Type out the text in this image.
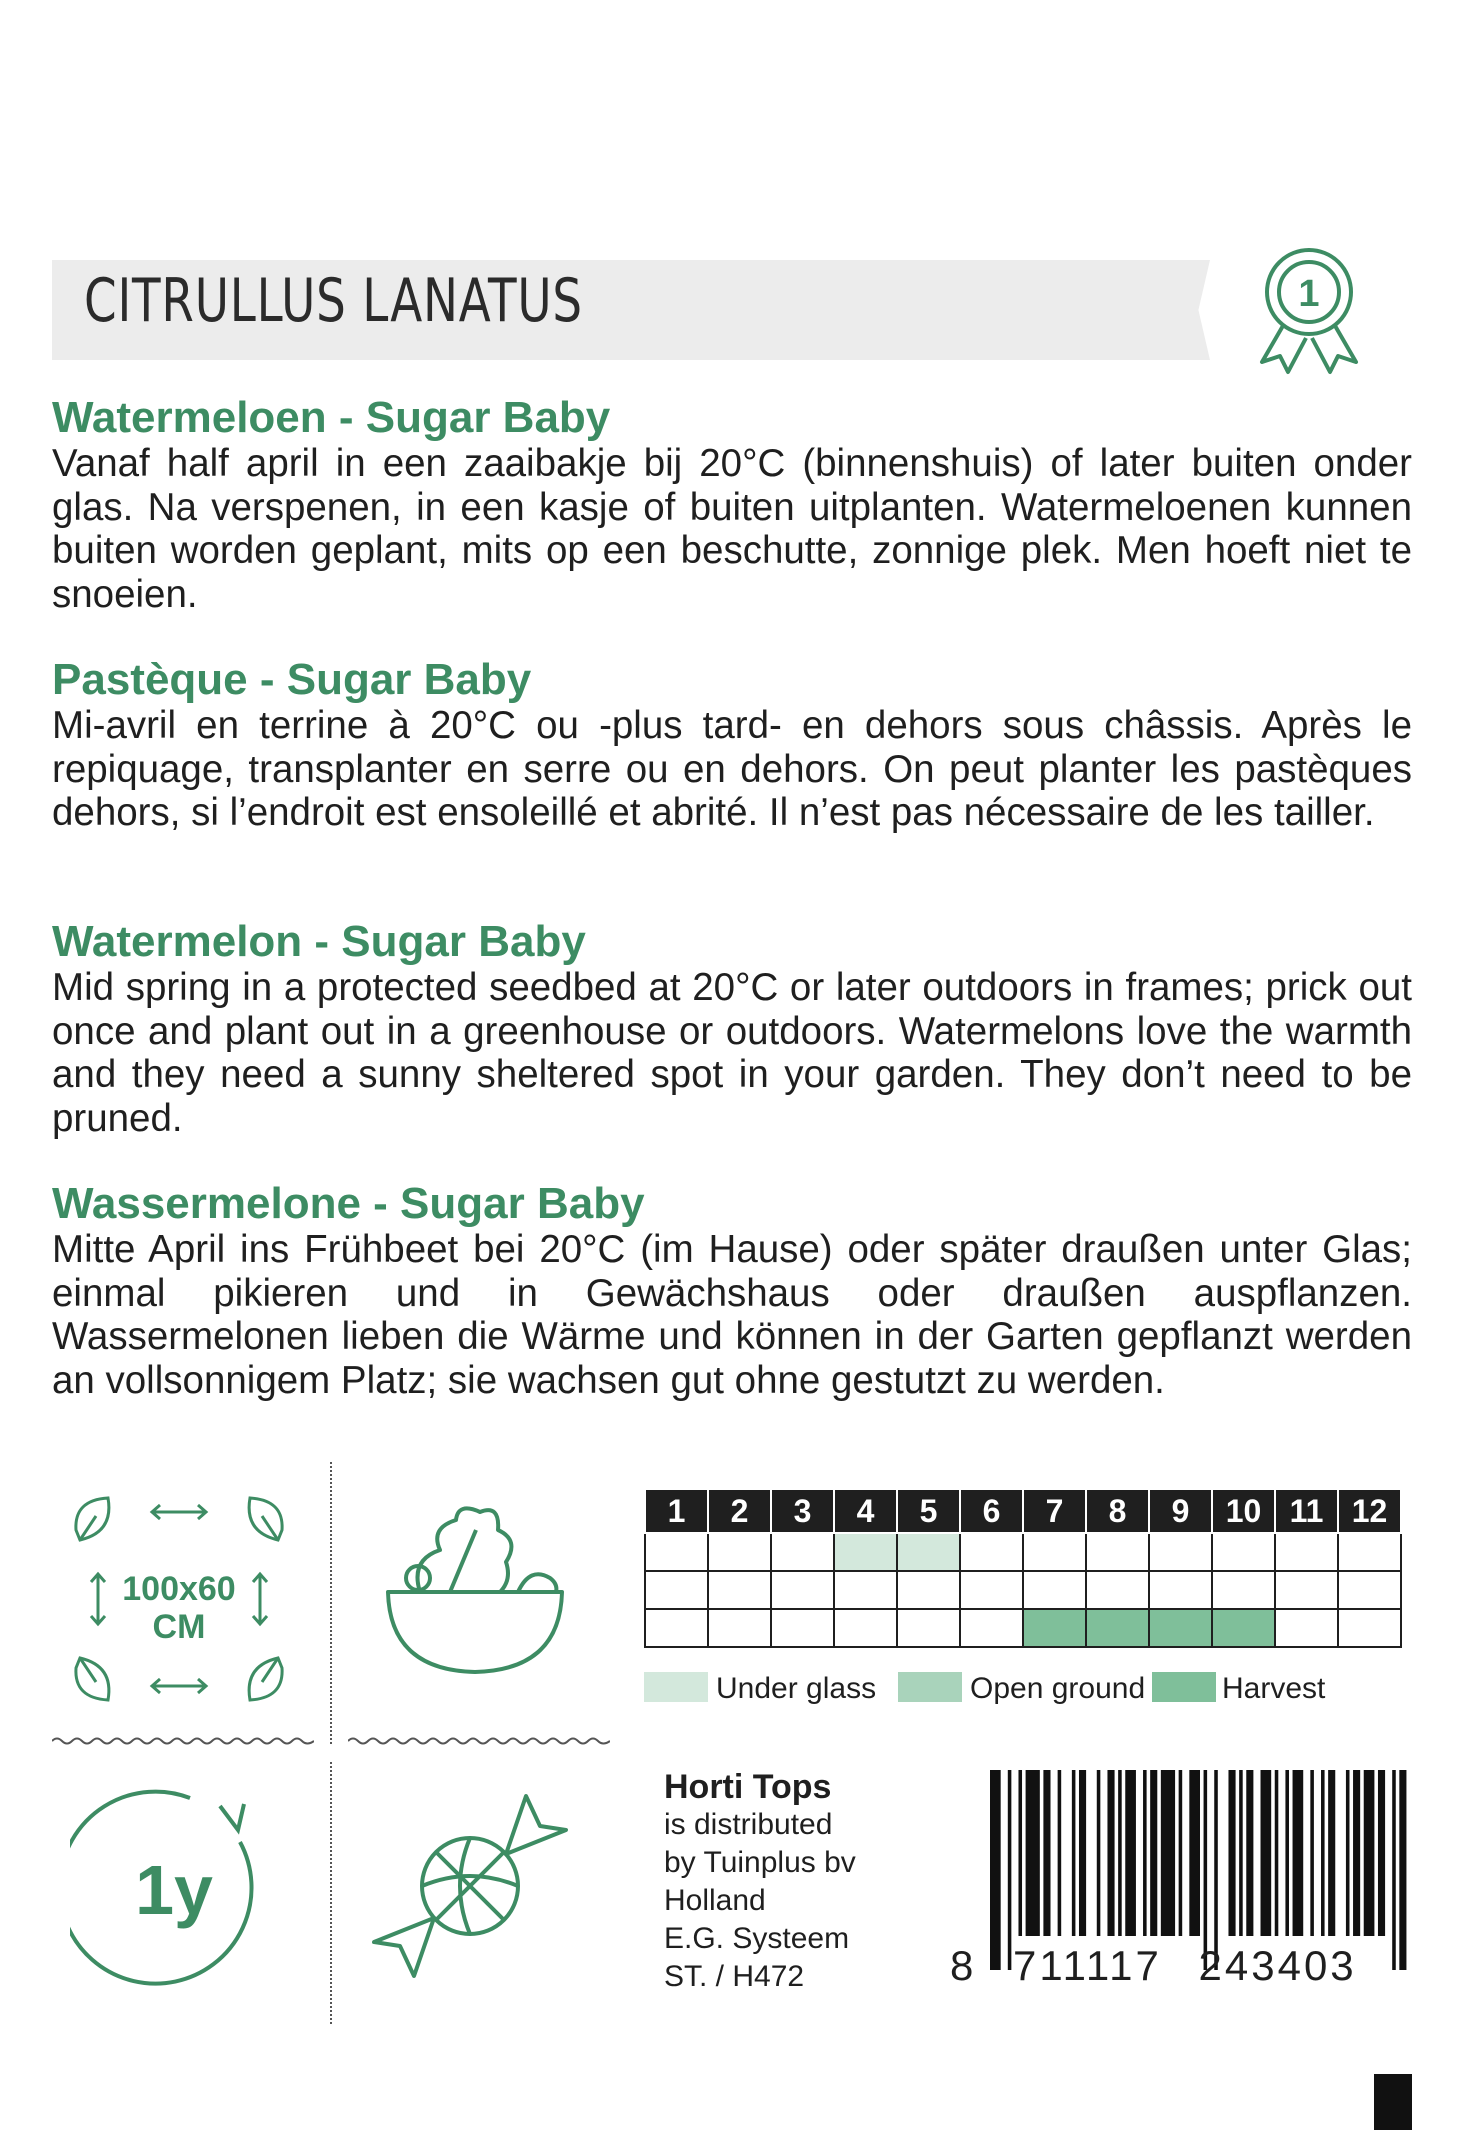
CITRULLUS LANATUS	1

Watermeloen - Sugar Baby

Vanaf half april in een zaaibakje bij 20°C (binnenshuis) of later buiten onder glas. Na verspenen, in een kasje of buiten uitplanten. Watermeloenen kunnen buiten worden geplant, mits op een beschutte, zonnige plek. Men hoeft niet te snoeien.

Pastèque - Sugar Baby

Mi-avril en terrine à 20°C ou -plus tard- en dehors sous châssis. Après le repiquage, transplanter en serre ou en dehors. On peut planter les pastèques dehors, si l’endroit est ensoleillé et abrité. Il n’est pas nécessaire de les tailler.

Watermelon - Sugar Baby

Mid spring in a protected seedbed at 20°C or later outdoors in frames; prick out once and plant out in a greenhouse or outdoors. Watermelons love the warmth and they need a sunny sheltered spot in your garden. They don’t need to be pruned.

Wassermelone - Sugar Baby

Mitte April ins Frühbeet bei 20°C (im Hause) oder später draußen unter Glas; einmal pikieren und in Gewächshaus oder draußen auspflanzen. Wassermelonen lieben die Wärme und können in der Garten gepflanzt werden an vollsonnigem Platz; sie wachsen gut ohne gestutzt zu werden.

100x60
CM
1y
1	2	3	4	5	6	7	8	9	10	11	12

Under glass	Open ground	Harvest
Horti Tops
is distributed
by Tuinplus bv
Holland
E.G. Systeem
ST. / H472	8 711117 243403
